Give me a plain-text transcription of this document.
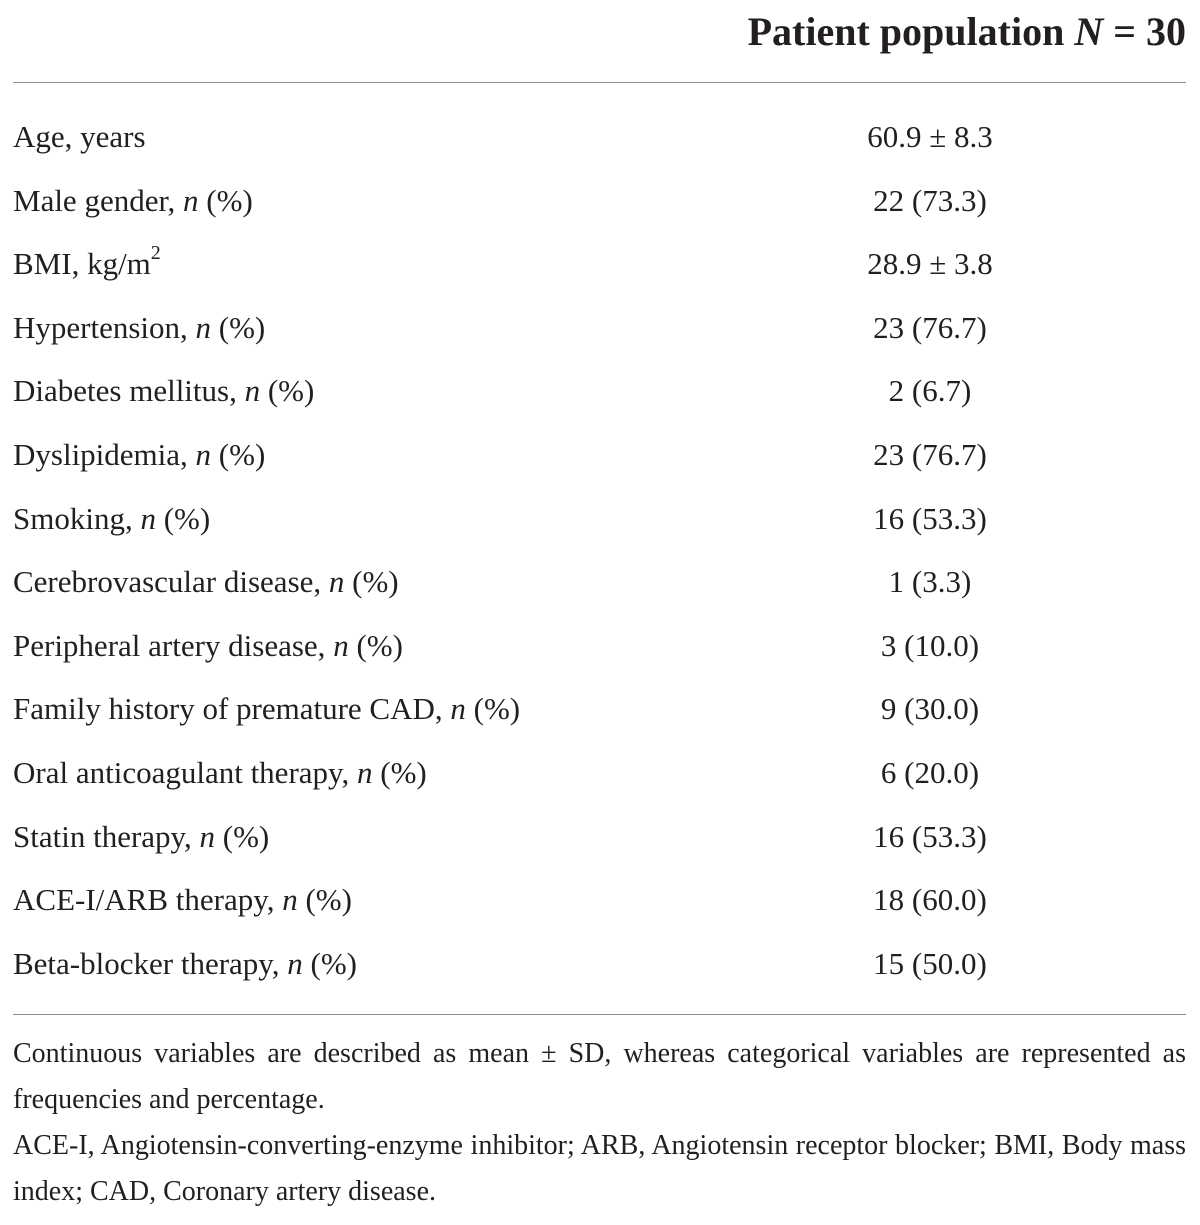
Patient population N = 30
Age, years	60.9 ± 8.3
Male gender, n (%)	22 (73.3)
BMI, $kg/m^2$	28.9 ± 3.8
Hypertension, n (%)	23 (76.7)
Diabetes mellitus, n (%)	2 (6.7)
Dyslipidemia, n (%)	23 (76.7)
Smoking, n (%)	16 (53.3)
Cerebrovascular disease, n (%)	1 (3.3)
Peripheral artery disease, n (%)	3 (10.0)
Family history of premature CAD, n (%)	9 (30.0)
Oral anticoagulant therapy, n (%)	6 (20.0)
Statin therapy, n (%)	16 (53.3)
ACE-I/ARB therapy, n (%)	18 (60.0)
Beta-blocker therapy, n (%)	15 (50.0)

Continuous variables are described as mean ± SD, whereas categorical variables are represented as frequencies and percentage.

ACE-I, Angiotensin-converting-enzyme inhibitor; ARB, Angiotensin receptor blocker; BMI, Body mass index; CAD, Coronary artery disease.
